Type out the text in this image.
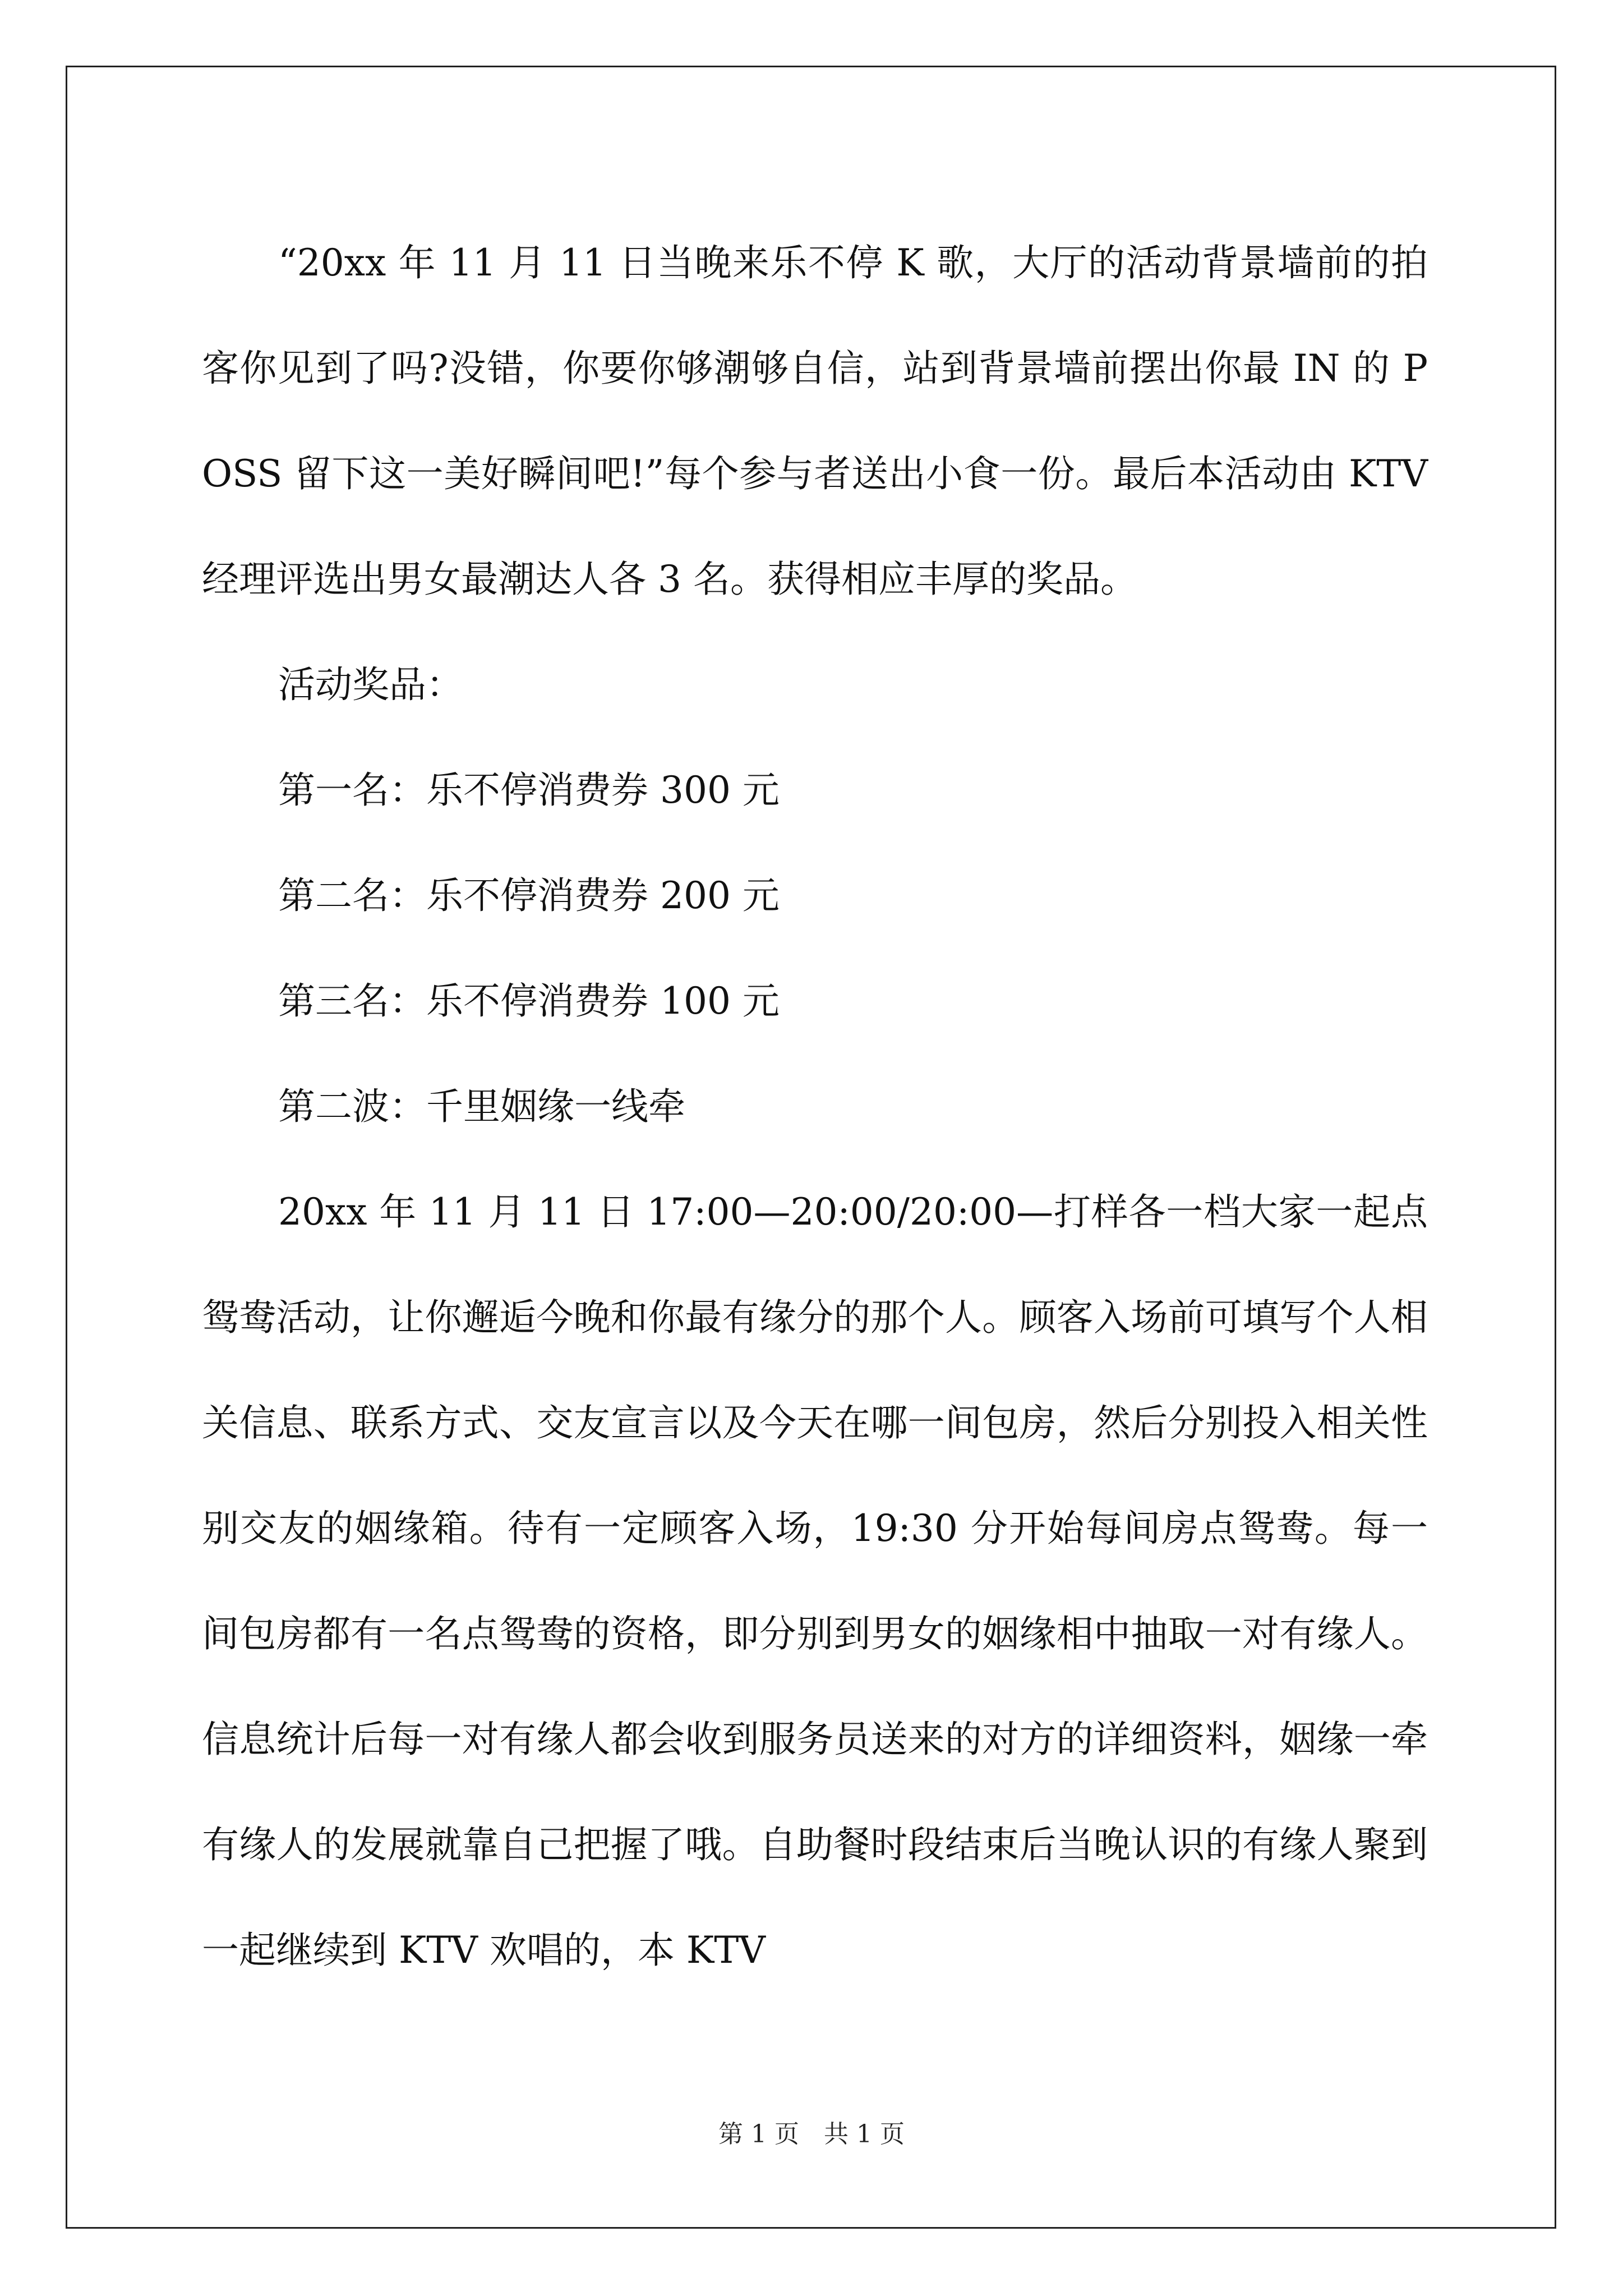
“20xx 年 11 月 11 日当晚来乐不停 K 歌，大厅的活动背景墙前的拍客你见到了吗?没错，你要你够潮够自信，站到背景墙前摆出你最 IN 的 POSS 留下这一美好瞬间吧!”每个参与者送出小食一份。最后本活动由 KTV 经理评选出男女最潮达人各 3 名。获得相应丰厚的奖品。

活动奖品：

第一名：乐不停消费券 300 元

第二名：乐不停消费券 200 元

第三名：乐不停消费券 100 元

第二波：千里姻缘一线牵

20xx 年 11 月 11 日 17:00—20:00/20:00—打样各一档大家一起点鸳鸯活动，让你邂逅今晚和你最有缘分的那个人。顾客入场前可填写个人相关信息、联系方式、交友宣言以及今天在哪一间包房，然后分别投入相关性别交友的姻缘箱。待有一定顾客入场，19:30 分开始每间房点鸳鸯。每一间包房都有一名点鸳鸯的资格，即分别到男女的姻缘相中抽取一对有缘人。信息统计后每一对有缘人都会收到服务员送来的对方的详细资料，姻缘一牵有缘人的发展就靠自己把握了哦。自助餐时段结束后当晚认识的有缘人聚到一起继续到 KTV 欢唱的，本 KTV

第 1 页　共 1 页
